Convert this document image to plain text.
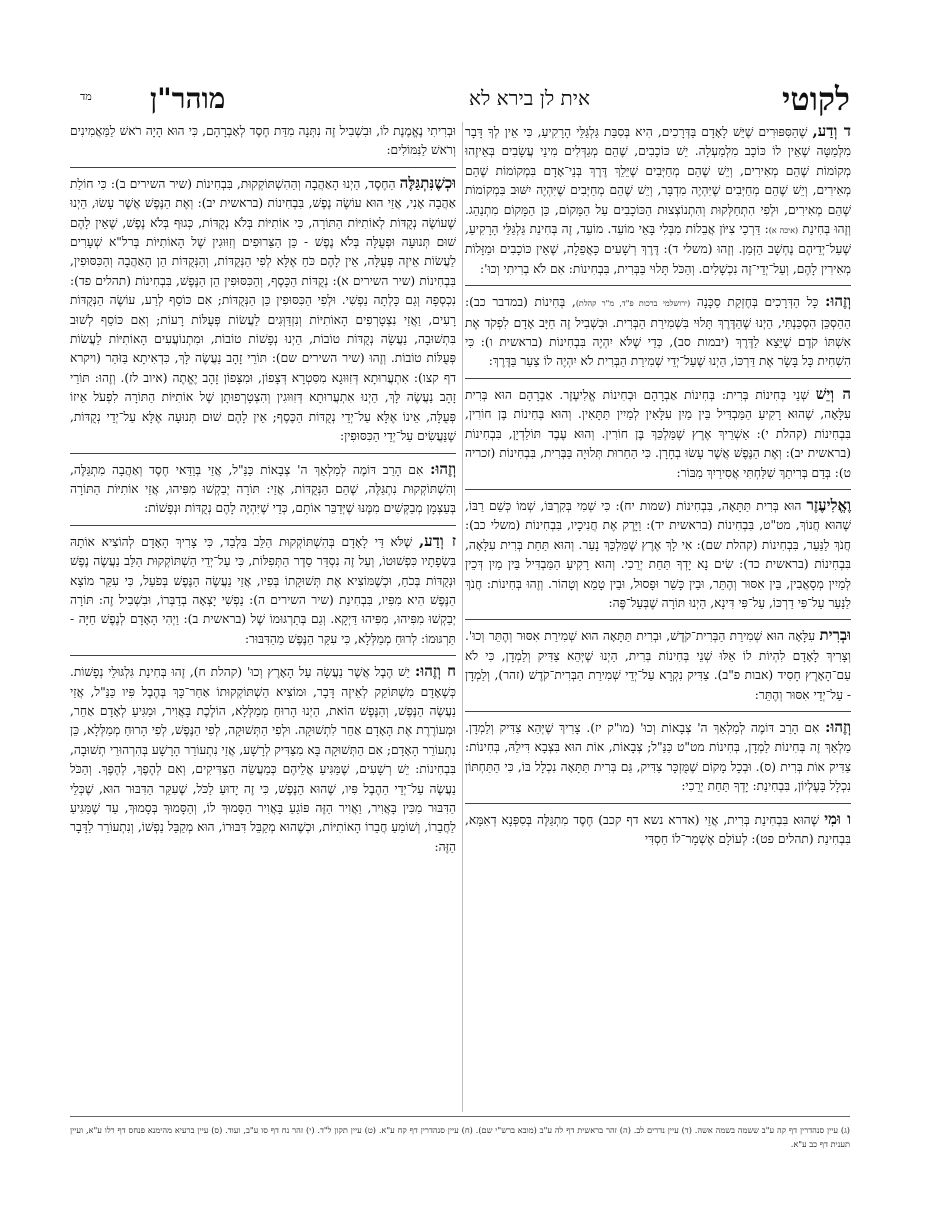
לקוטי
אית לן בירא לא
מוהר"ן
מד

ד וְדַע, שֶׁהַסִּפּוּרִים שֶׁיֵּשׁ לָאָדָם בַּדְּרָכִים, הִיא בְּסִבַּת גַּלְגַּלֵּי הָרָקִיעַ, כִּי אֵין לְךָ דָּבָר מִלְּמַטָּה שֶׁאֵין לוֹ כּוֹכָב מִלְמַעְלָה. יֵשׁ כּוֹכָבִים, שֶׁהֵם מְגַדְּלִים מִינֵי עֲשָׂבִים בְּאֵיזֶהוּ מְקוֹמוֹת שֶׁהֵם מְאִירִים, וְיֵשׁ שֶׁהֵם מְחַיְּבִים שֶׁיֵּלֵךְ דֶּרֶךְ בְּנֵי־אָדָם בִּמְקוֹמוֹת שֶׁהֵם מְאִירִים, וְיֵשׁ שֶׁהֵם מְחַיְּבִים שֶׁיִּהְיֶה מִדְבָּר, וְיֵשׁ שֶׁהֵם מְחַיְּבִים שֶׁיִּהְיֶה יִשּׁוּב בִּמְקוֹמוֹת שֶׁהֵם מְאִירִים, וּלְפִי הִתְחַלְּקוּת וְהִתְנוֹצְצוּת הַכּוֹכָבִים עַל הַמָּקוֹם, כֵּן הַמָּקוֹם מִתְנַהֵג. וְזֶהוּ בְּחִינַת (איכה א): דַּרְכֵי צִיּוֹן אֲבֵלוֹת מִבְּלִי בָּאֵי מוֹעֵד. מוֹעֵד, זֶה בְּחִינַת גַּלְגַּלֵּי הָרָקִיעַ, שֶׁעַל־יְדֵיהֶם נֶחְשָׁב הַזְּמַן. וְזֶהוּ (משלי ד): דֶּרֶךְ רְשָׁעִים כָּאֲפֵלָה, שֶׁאֵין כּוֹכָבִים וּמַזָּלוֹת מְאִירִין לָהֶם, וְעַל־יְדֵי־זֶה נִכְשָׁלִים. וְהַכֹּל תָּלוּי בַּבְּרִית, בִּבְחִינוֹת: אִם לֹא בְרִיתִי וְכוּ':

וְזֶהוּ: כָּל הַדְּרָכִים בְּחֶזְקַת סַכָּנָה (ירושלמי ברכות פ"ד, מ"ר קהלת), בְּחִינוֹת (במדבר כב): הַהַסְכֵּן הִסְכַּנְתִּי, הַיְנוּ שֶׁהַדֶּרֶךְ תָּלוּי בִּשְׁמִירַת הַבְּרִית. וּבִשְׁבִיל זֶה חַיָּב אָדָם לִפְקֹד אֶת אִשְׁתּוֹ קֹדֶם שֶׁיֵּצֵא לַדֶּרֶךְ (יבמות סב), כְּדֵי שֶׁלֹּא יִהְיֶה בִּבְחִינוֹת (בראשית ו): כִּי הִשְׁחִית כָּל בָּשָׂר אֶת דַּרְכּוֹ, הַיְנוּ שֶׁעַל־יְדֵי שְׁמִירַת הַבְּרִית לֹא יִהְיֶה לוֹ צַעַר בַּדֶּרֶךְ:

ה וְיֵשׁ שְׁנֵי בְּחִינוֹת בְּרִית: בְּחִינוֹת אַבְרָהָם וּבְחִינוֹת אֱלִיעֶזֶר. אַבְרָהָם הוּא בְּרִית עִלָּאָה, שֶׁהוּא רָקִיעַ הַמַּבְדִּיל בֵּין מַיִן עִלָּאִין לְמַיִין תַּתָּאִין. וְהוּא בְּחִינוֹת בֶּן חוֹרִין, בִּבְחִינוֹת (קהלת י): אַשְׁרֵיךְ אֶרֶץ שֶׁמַּלְכֵּךְ בֶּן חוֹרִין. וְהוּא עֶבֶד תּוֹלַדְיָן, בִּבְחִינוֹת (בראשית יב): וְאֶת הַנֶּפֶשׁ אֲשֶׁר עָשׂוּ בְחָרָן. כִּי הַחֵרוּת תְּלוּיָה בַּבְּרִית, בִּבְחִינוֹת (זכריה ט): בְּדַם בְּרִיתֵךְ שִׁלַּחְתִּי אֲסִירַיִךְ מִבּוֹר:

וֶאֱלִיעֶזֶר הוּא בְּרִית תַּתָּאָה, בִּבְחִינוֹת (שמות יח): כִּי שְׁמִי בְּקִרְבּוֹ, שְׁמוֹ כְּשֵׁם רַבּוֹ, שֶׁהוּא חֲנוֹךְ, מט"ט, בִּבְחִינוֹת (בראשית יד): וַיָּרֶק אֶת חֲנִיכָיו, בִּבְחִינוֹת (משלי כב): חֲנֹךְ לַנַּעַר, בִּבְחִינוֹת (קהלת שם): אִי לָךְ אֶרֶץ שֶׁמַּלְכֵּךְ נָעַר. וְהוּא תַּחַת בְּרִית עִלָּאָה, בִּבְחִינוֹת (בראשית כד): שִׂים נָא יָדְךָ תַּחַת יְרֵכִי. וְהוּא רָקִיעַ הַמַּבְדִּיל בֵּין מַיִן דְּכֵין לְמַיִין מְסָאֲבִין, בֵּין אִסּוּר וְהֶתֵּר, וּבֵין כָּשֵׁר וּפָסוּל, וּבֵין טָמֵא וְטָהוֹר. וְזֶהוּ בְּחִינוֹת: חֲנֹךְ לַנַּעַר עַל־פִּי דַרְכּוֹ, עַל־פִּי דִּינָא, הַיְנוּ תּוֹרָה שֶׁבְּעַל־פֶּה:

וּבְרִית עִלָּאָה הוּא שְׁמִירַת הַבְּרִית־קֹדֶשׁ, וּבְרִית תַּתָּאָה הוּא שְׁמִירַת אִסּוּר וְהֶתֵּר וְכוּ'. וְצָרִיךְ לָאָדָם לִהְיוֹת לוֹ אֵלּוּ שְׁנֵי בְּחִינוֹת בְּרִית, הַיְנוּ שֶׁיְּהֵא צַדִּיק וְלַמְדָן, כִּי לֹא עַם־הָאָרֶץ חָסִיד (אבות פ"ב). צַדִּיק נִקְרָא עַל־יְדֵי שְׁמִירַת הַבְּרִית־קֹדֶשׁ (זהר), וְלַמְדָן - עַל־יְדֵי אִסּוּר וְהֶתֵּר:

וְזֶהוּ: אִם הָרַב דּוֹמֶה לְמַלְאַךְ ה' צְבָאוֹת וְכוּ' (מו"ק יז). צָרִיךְ שֶׁיְּהֵא צַדִּיק וְלַמְדָן. מַלְאַךְ זֶה בְּחִינוֹת לַמְדָן, בְּחִינוֹת מט"ט כַּנַּ"ל; צְבָאוֹת, אוֹת הוּא בִּצְבָא דִּילֵהּ, בְּחִינוֹת: צַדִּיק אוֹת בְּרִית (ס). וּבְכָל מָקוֹם שֶׁמֻּזְכָּר צַדִּיק, גַּם בְּרִית תַּתָּאָה נִכְלָל בּוֹ, כִּי הַתַּחְתּוֹן נִכְלָל בָּעֶלְיוֹן, בִּבְחִינַת: יָדְךָ תַּחַת יְרֵכִי:

ו וּמִי שֶׁהוּא בִּבְחִינַת בְּרִית, אֲזַי (אדרא נשא דף קכב) חֶסֶד מִתְגַּלֶּה בְּסִפְּנָא דְאִמָּא, בִּבְחִינַת (תהלים פט): לְעוֹלָם אֶשְׁמָר־לוֹ חַסְדִּי

וּבְרִיתִי נֶאֱמֶנֶת לוֹ, וּבִשְׁבִיל זֶה נִתְּנָה מִדַּת חֶסֶד לְאַבְרָהָם, כִּי הוּא הָיָה רֹאשׁ לַמַּאֲמִינִים וְרֹאשׁ לַנִּמּוֹלִים:

וּכְשֶׁנִּתְגַּלֶּה הַחֶסֶד, הַיְנוּ הָאַהֲבָה וְהַהִשְׁתּוֹקְקוּת, בִּבְחִינוֹת (שיר השירים ב): כִּי חוֹלַת אַהֲבָה אָנִי, אֲזַי הוּא עוֹשֶׂה נֶפֶשׁ, בִּבְחִינוֹת (בראשית יב): וְאֶת הַנֶּפֶשׁ אֲשֶׁר עָשׂוּ, הַיְנוּ שֶׁעוֹשֶׂה נְקֻדּוֹת לְאוֹתִיּוֹת הַתּוֹרָה, כִּי אוֹתִיּוֹת בְּלֹא נְקֻדּוֹת, כְּגוּף בְּלֹא נֶפֶשׁ, שֶׁאֵין לָהֶם שׁוּם תְּנוּעָה וּפְעֻלָּה בְּלֹא נֶפֶשׁ - כֵּן הַצֵּרוּפִים וְזִוּוּגִין שֶׁל הָאוֹתִיּוֹת בְּרל"א שְׁעָרִים לַעֲשׂוֹת אֵיזֶה פְּעֻלָּה, אֵין לָהֶם כֹּחַ אֶלָּא לְפִי הַנְּקֻדּוֹת, וְהַנְּקֻדּוֹת הֵן הָאַהֲבָה וְהַכִּסּוּפִין, בִּבְחִינוֹת (שיר השירים א): נְקֻדּוֹת הַכָּסֶף, וְהַכִּסּוּפִין הֵן הַנֶּפֶשׁ, בִּבְחִינוֹת (תהלים פד): נִכְסְפָה וְגַם כָּלְתָה נַפְשִׁי. וּלְפִי הַכִּסּוּפִין כֵּן הַנְּקֻדּוֹת; אִם כּוֹסֵף לְרַע, עוֹשֶׂה הַנְּקֻדּוֹת רָעִים, וַאֲזַי נִצְטָרְפִים הָאוֹתִיּוֹת וְנִזְדַּוְּגִים לַעֲשׂוֹת פְּעֻלּוֹת רָעוֹת; וְאִם כּוֹסֵף לְשׁוּב בִּתְשׁוּבָה, נַעֲשָׂה נְקֻדּוֹת טוֹבוֹת, הַיְנוּ נְפָשׁוֹת טוֹבוֹת, וּמִתְנוֹעֲעִים הָאוֹתִיּוֹת לַעֲשׂוֹת פְּעֻלּוֹת טוֹבוֹת. וְזֶהוּ (שיר השירים שם): תּוֹרֵי זָהָב נַעֲשֶׂה לָּךְ, כִּדְאִיתָא בַּזֹּהַר (ויקרא דף קצו): אִתְעֲרוּתָא דְּזִוּוּגָא מִסִּטְרָא דְּצָפוֹן, וּמִצָּפוֹן זָהָב יֶאֱתֶה (איוב לז). וְזֶהוּ: תּוֹרֵי זָהָב נַעֲשֶׂה לָּךְ, הַיְנוּ אִתְעֲרוּתָא דְּזִוּוּגִין וְהִצְטָרְפוּתָן שֶׁל אוֹתִיּוֹת הַתּוֹרָה לִפְעֹל אֵיזוֹ פְּעֻלָּה, אֵינוֹ אֶלָּא עַל־יְדֵי נְקֻדּוֹת הַכֶּסֶף; אֵין לָהֶם שׁוּם תְּנוּעָה אֶלָּא עַל־יְדֵי נְקֻדּוֹת, שֶׁנַּעֲשִׂים עַל־יְדֵי הַכִּסּוּפִין:

וְזֶהוּ: אִם הָרַב דּוֹמֶה לְמַלְאַךְ ה' צְבָאוֹת כַּנַּ"ל, אֲזַי בְּוַדַּאי חֶסֶד וְאַהֲבָה מִתְגַּלֶּה, וְהִשְׁתּוֹקְקוּת נִתְגַּלֶּה, שֶׁהֵם הַנְּקֻדּוֹת, אֲזַי: תּוֹרָה יְבַקְשׁוּ מִפִּיהוּ, אֲזַי אוֹתִיּוֹת הַתּוֹרָה בְּעַצְמָן מְבַקְּשִׁים מִמֶּנּוּ שֶׁיְּדַבֵּר אוֹתָם, כְּדֵי שֶׁיִּהְיֶה לָהֶם נְקֻדּוֹת וּנְפָשׁוֹת:

ז וְדַע, שֶׁלֹּא דַּי לָאָדָם בְּהִשְׁתּוֹקְקוּת הַלֵּב בִּלְבַד, כִּי צָרִיךְ הָאָדָם לְהוֹצִיא אוֹתָהּ בִּשְׂפָתָיו כִּפְשׁוּטוֹ, וְעַל זֶה נִסְדַּר סֵדֶר הַתְּפִלּוֹת, כִּי עַל־יְדֵי הַשְׁתּוֹקְקוּת הַלֵּב נַעֲשֶׂה נֶפֶשׁ וּנְקֻדּוֹת בְּכֹחַ, וּכְשֶׁמּוֹצִיא אֶת תְּשׁוּקָתוֹ בְּפִיו, אֲזַי נַעֲשֶׂה הַנֶּפֶשׁ בְּפֹעַל, כִּי עִקַּר מוֹצָא הַנֶּפֶשׁ הִיא מִפִּיו, בִּבְחִינַת (שיר השירים ה): נַפְשִׁי יָצְאָה בְדַבְּרוֹ, וּבִשְׁבִיל זֶה: תּוֹרָה יְבַקְשׁוּ מִפִּיהוּ, מִפִּיהוּ דַּיְקָא. וְגַם בְּתַרְגּוּמוֹ שֶׁל (בראשית ב): וַיְהִי הָאָדָם לְנֶפֶשׁ חַיָּה - תַּרְגּוּמוֹ: לְרוּחַ מְמַלְּלָא, כִּי עִקַּר הַנֶּפֶשׁ מֵהַדִּבּוּר:

ח וְזֶהוּ: יֵשׁ הֶבֶל אֲשֶׁר נַעֲשָׂה עַל הָאָרֶץ וְכוּ' (קהלת ח), זֶהוּ בְּחִינַת גִּלְגּוּלֵי נְפָשׁוֹת. כְּשֶׁאָדָם מִשְׁתּוֹקֵק לְאֵיזֶה דָּבָר, וּמוֹצִיא הַשְׁתּוֹקְקוּתוֹ אַחַר־כָּךְ בְּהֶבֶל פִּיו כַּנַּ"ל, אֲזַי נַעֲשֶׂה הַנֶּפֶשׁ, וְהַנֶּפֶשׁ הוֹאת, הַיְנוּ הָרוּחַ מְמַלְּלָא, הוֹלֶכֶת בָּאֲוִיר, וּמַגִּיעַ לְאָדָם אַחֵר, וּמְעוֹרֶרֶת אֶת הָאָדָם אַחֵר לִתְשׁוּקָה. וּלְפִי הַתְּשׁוּקָה, לְפִי הַנֶּפֶשׁ, לְפִי הָרוּחַ מְמַלְּלָא, כֵּן נִתְעוֹרֵר הָאָדָם; אִם הַתְּשׁוּקָה בָּא מִצַּדִּיק לְרָשָׁע, אֲזַי נִתְעוֹרֵר הָרָשָׁע בְּהִרְהוּרֵי תְשׁוּבָה, בִּבְחִינוֹת: יֵשׁ רְשָׁעִים, שֶׁמַּגִּיעַ אֲלֵיהֶם כְּמַעֲשֵׂה הַצַּדִּיקִים, וְאִם לְהֶפֶךְ, לְהֶפֶךְ. וְהַכֹּל נַעֲשֶׂה עַל־יְדֵי הַהֶבֶל פִּיו, שֶׁהוּא הַנֶּפֶשׁ, כִּי זֶה יָדוּעַ לַכֹּל, שֶׁעִקַּר הַדִּבּוּר הוּא, שֶׁכְּלֵי הַדִּבּוּר מַכִּין בָּאֲוִיר, וַאֲוִיר הַזֶּה פּוֹגֵעַ בָּאֲוִיר הַסָּמוּךְ לוֹ, וְהַסָּמוּךְ בְּסָמוּךְ, עַד שֶׁמַּגִּיעַ לַחֲבֵרוֹ, וְשׁוֹמֵעַ חֲבֵרוֹ הָאוֹתִיּוֹת, וּכְשֶׁהוּא מְקַבֵּל דִּבּוּרוֹ, הוּא מְקַבֵּל נַפְשׁוֹ, וְנִתְעוֹרֵר לַדָּבָר הַזֶּה:

(ג) עיין סנהדרין דף קה ע"ב ששמה בשמה אשה. (ד) עיין נדרים לב. (ה) זהר בראשית דף לה ע"ב (מובא ברש"י שם). (ח) עיין סנהדרין דף קח ע"א. (ט) עיין תקון ל"ד. (י) זהר נח דף סו ע"ב, ועוד. (ס) עיין ברעיא מהימנא פנחס דף רלו ע"א, ועיין תענית דף כב ע"א.
